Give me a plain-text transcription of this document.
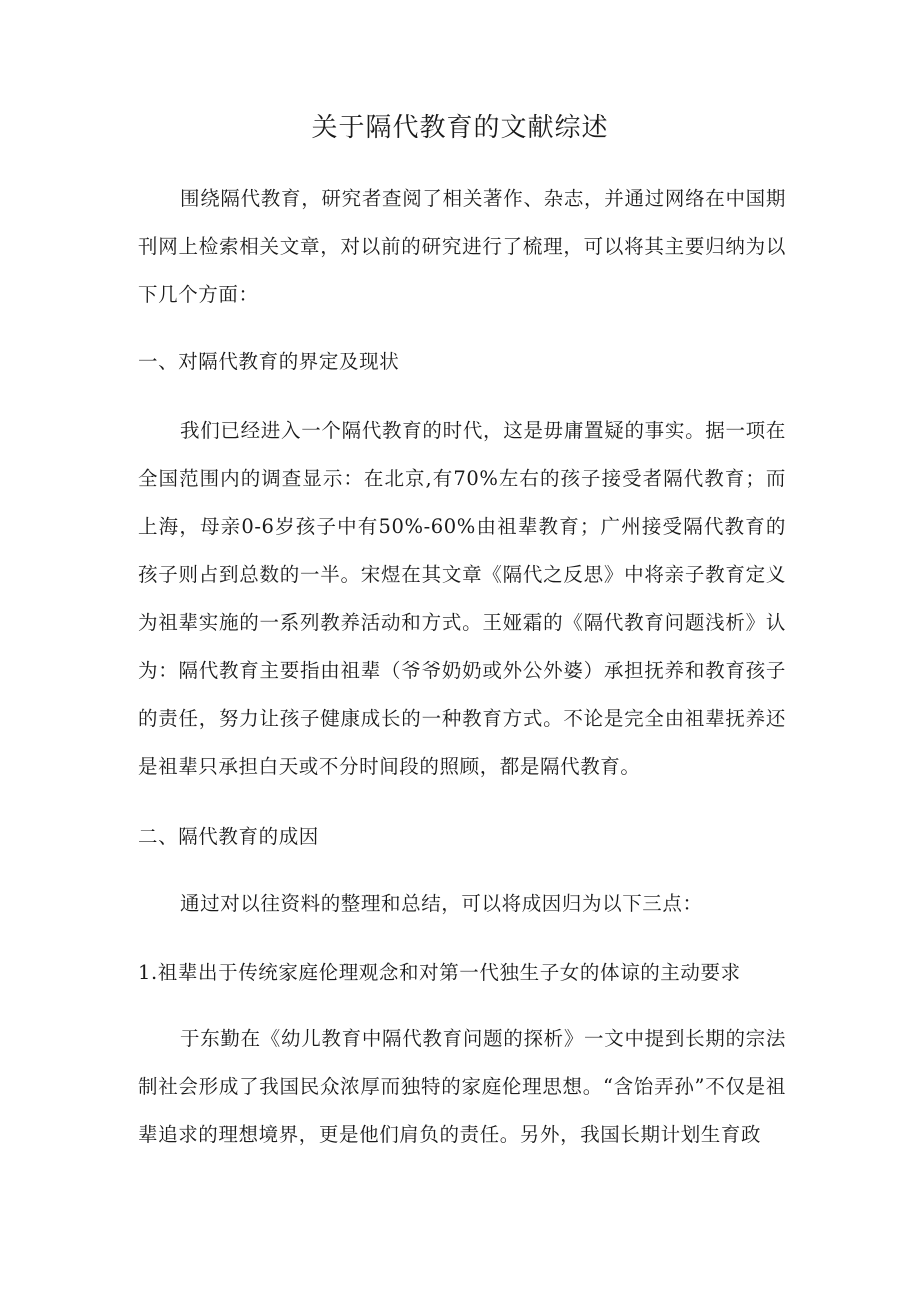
关于隔代教育的文献综述
围绕隔代教育，研究者查阅了相关著作、杂志，并通过网络在中国期刊网上检索相关文章，对以前的研究进行了梳理，可以将其主要归纳为以下几个方面：
一、对隔代教育的界定及现状
我们已经进入一个隔代教育的时代，这是毋庸置疑的事实。据一项在全国范围内的调查显示：在北京,有70%左右的孩子接受者隔代教育；而上海，母亲0-6岁孩子中有50%-60%由祖辈教育；广州接受隔代教育的孩子则占到总数的一半。宋煜在其文章《隔代之反思》中将亲子教育定义为祖辈实施的一系列教养活动和方式。王娅霜的《隔代教育问题浅析》认为：隔代教育主要指由祖辈（爷爷奶奶或外公外婆）承担抚养和教育孩子的责任，努力让孩子健康成长的一种教育方式。不论是完全由祖辈抚养还是祖辈只承担白天或不分时间段的照顾，都是隔代教育。
二、隔代教育的成因
通过对以往资料的整理和总结，可以将成因归为以下三点：
1.祖辈出于传统家庭伦理观念和对第一代独生子女的体谅的主动要求
于东勤在《幼儿教育中隔代教育问题的探析》一文中提到长期的宗法制社会形成了我国民众浓厚而独特的家庭伦理思想。“含饴弄孙”不仅是祖辈追求的理想境界，更是他们肩负的责任。另外，我国长期计划生育政
